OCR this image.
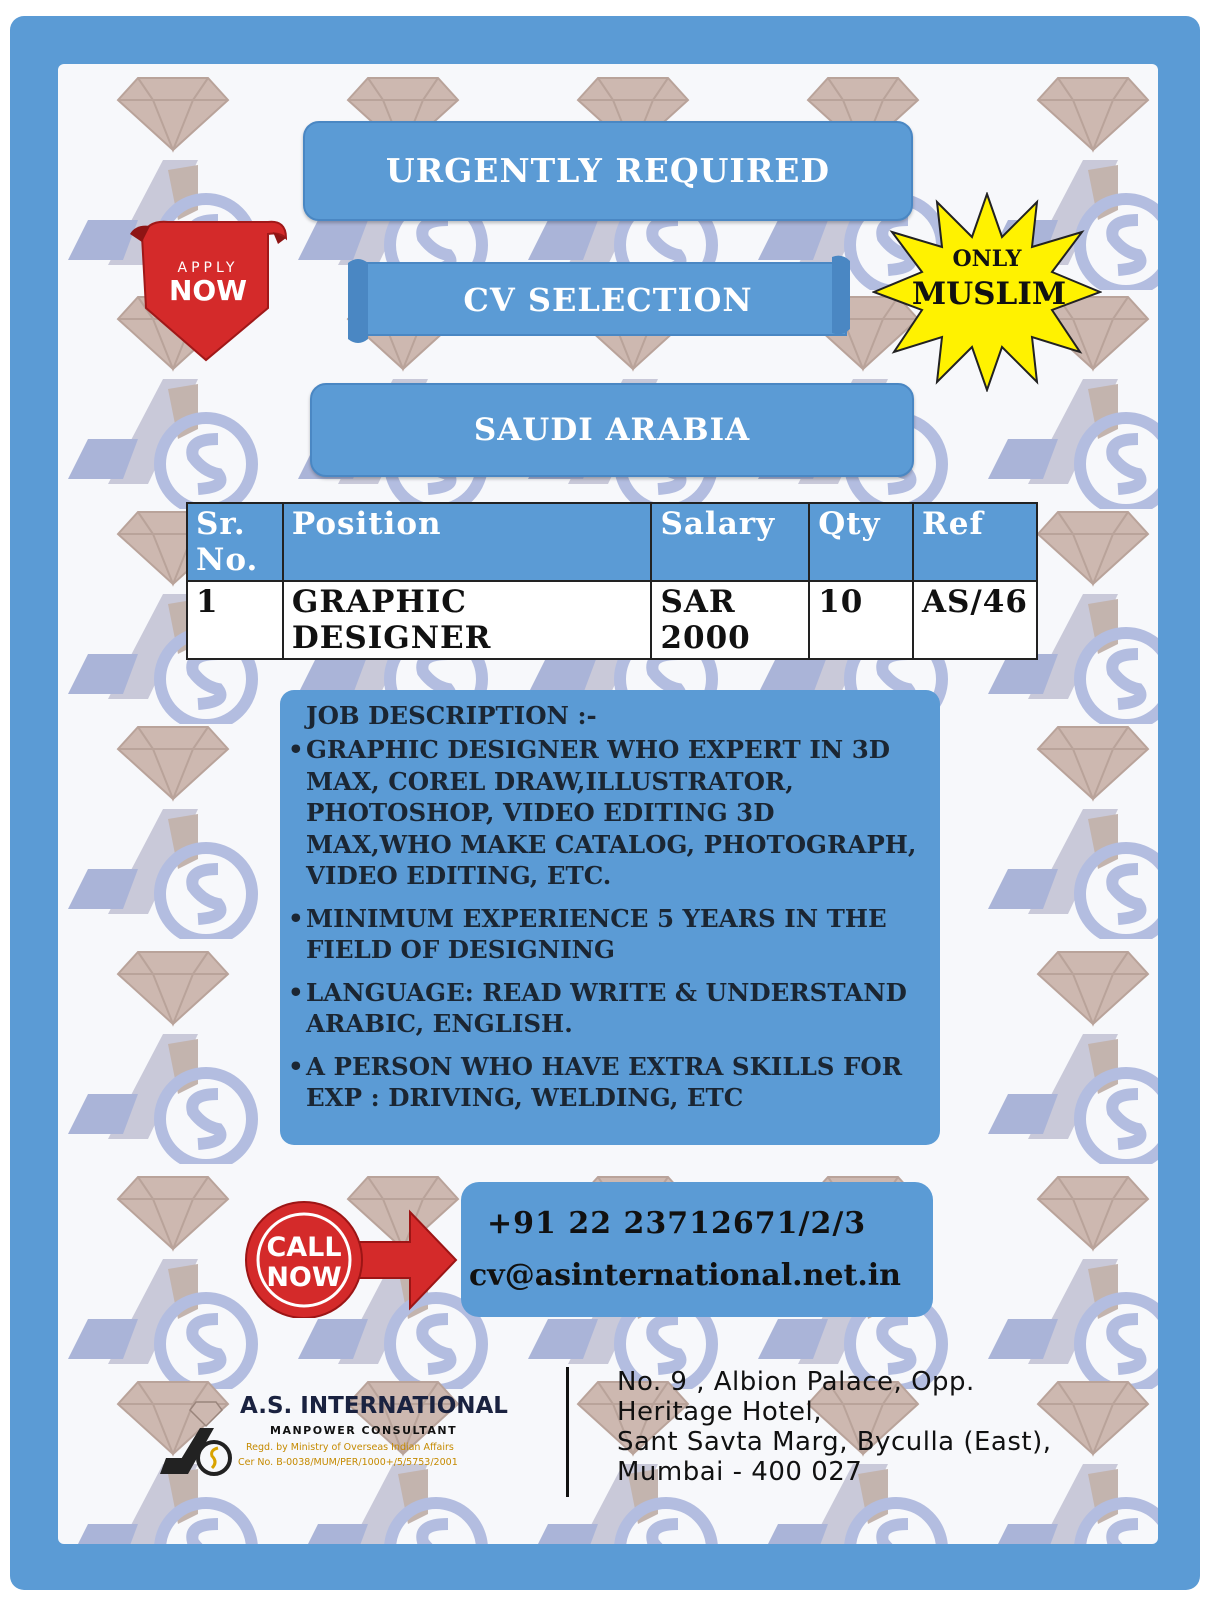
URGENTLY REQUIRED
APPLY
NOW	CV SELECTION
ONLY
MUSLIM
SAUDI ARABIA
Sr. No.	Position	Salary	Qty	Ref
1	GRAPHIC DESIGNER	SAR 2000	10	AS/46
JOB DESCRIPTION :-
• GRAPHIC DESIGNER WHO EXPERT IN 3D MAX, COREL DRAW,ILLUSTRATOR, PHOTOSHOP, VIDEO EDITING 3D MAX,WHO MAKE CATALOG, PHOTOGRAPH, VIDEO EDITING, ETC.
• MINIMUM EXPERIENCE 5 YEARS IN THE FIELD OF DESIGNING
• LANGUAGE: READ WRITE & UNDERSTAND ARABIC, ENGLISH.
• A PERSON WHO HAVE EXTRA SKILLS FOR EXP : DRIVING, WELDING, ETC
CALL
NOW
+91 22 23712671/2/3
cv@asinternational.net.in
A.S. INTERNATIONAL
MANPOWER CONSULTANT
Regd. by Ministry of Overseas Indian Affairs
Cer No. B-0038/MUM/PER/1000+/5/5753/2001
No. 9 , Albion Palace, Opp.
Heritage Hotel,
Sant Savta Marg, Byculla (East),
Mumbai - 400 027
